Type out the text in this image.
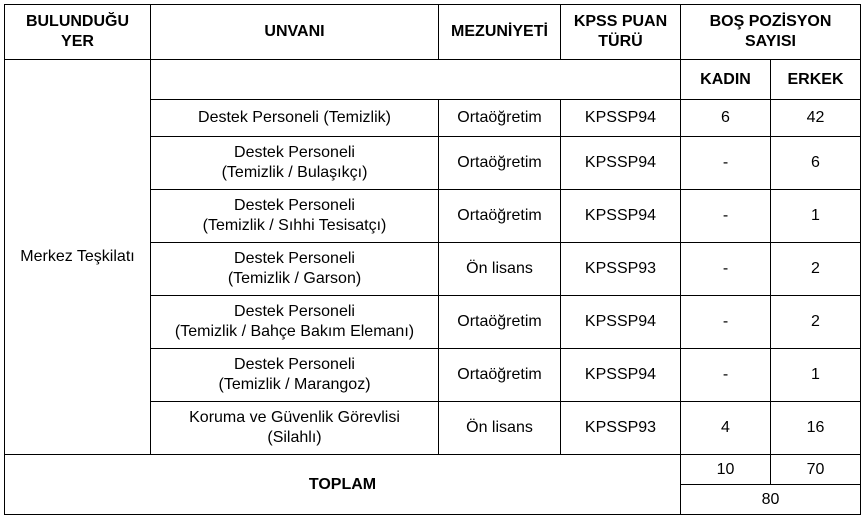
BULUNDUĞU
YER	UNVANI	MEZUNİYETİ	KPSS PUAN
TÜRÜ	BOŞ POZİSYON
SAYISI	
Merkez Teşkilatı				KADIN	ERKEK
	Destek Personeli (Temizlik)	Ortaöğretim	KPSSP94	6	42
	Destek Personeli
(Temizlik / Bulaşıkçı)	Ortaöğretim	KPSSP94	-	6
	Destek Personeli
(Temizlik / Sıhhi Tesisatçı)	Ortaöğretim	KPSSP94	-	1
	Destek Personeli
(Temizlik / Garson)	Ön lisans	KPSSP93	-	2
	Destek Personeli
(Temizlik / Bahçe Bakım Elemanı)	Ortaöğretim	KPSSP94	-	2
	Destek Personeli
(Temizlik / Marangoz)	Ortaöğretim	KPSSP94	-	1
	Koruma ve Güvenlik Görevlisi
(Silahlı)	Ön lisans	KPSSP93	4	16
TOPLAM				10	70
				80	
